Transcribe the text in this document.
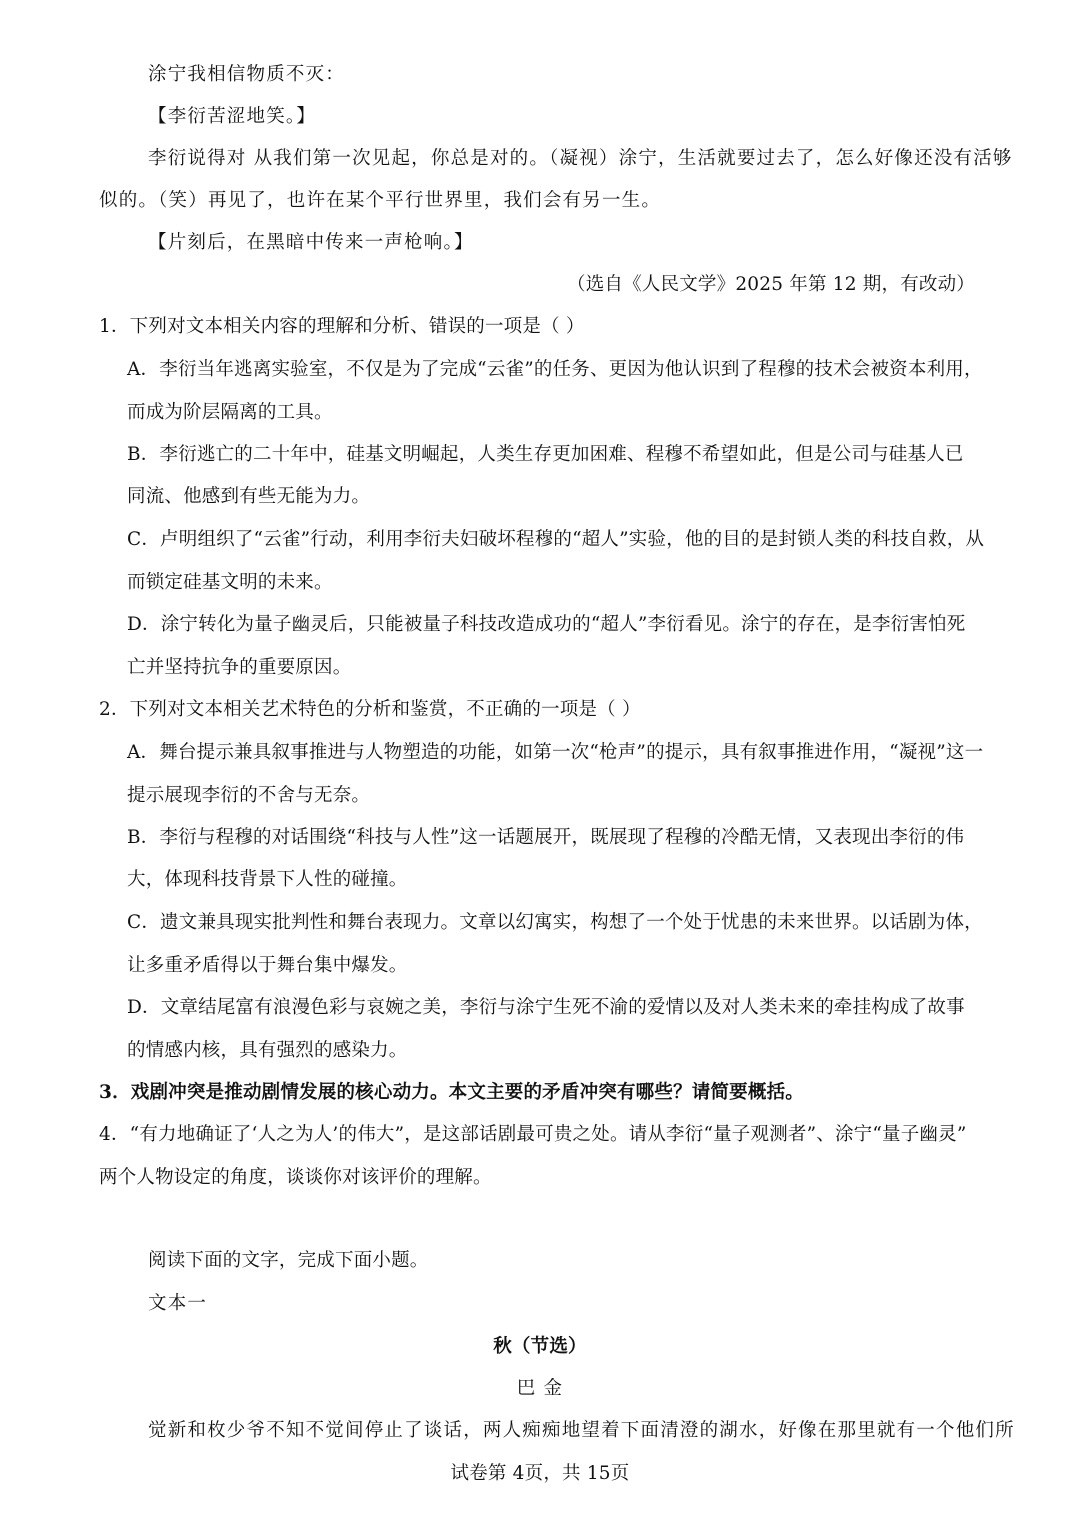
涂宁我相信物质不灭：
【李衍苦涩地笑。】
李衍说得对 从我们第一次见起，你总是对的。（凝视）涂宁，生活就要过去了，怎么好像还没有活够
似的。（笑）再见了，也许在某个平行世界里，我们会有另一生。
【片刻后，在黑暗中传来一声枪响。】
（选自《人民文学》2025 年第 12 期，有改动）
1．下列对文本相关内容的理解和分析、错误的一项是（ ）
A．李衍当年逃离实验室，不仅是为了完成“云雀”的任务、更因为他认识到了程穆的技术会被资本利用，
而成为阶层隔离的工具。
B．李衍逃亡的二十年中，硅基文明崛起，人类生存更加困难、程穆不希望如此，但是公司与硅基人已
同流、他感到有些无能为力。
C．卢明组织了“云雀”行动，利用李衍夫妇破坏程穆的“超人”实验，他的目的是封锁人类的科技自救，从
而锁定硅基文明的未来。
D．涂宁转化为量子幽灵后，只能被量子科技改造成功的“超人”李衍看见。涂宁的存在，是李衍害怕死
亡并坚持抗争的重要原因。
2．下列对文本相关艺术特色的分析和鉴赏，不正确的一项是（ ）
A．舞台提示兼具叙事推进与人物塑造的功能，如第一次“枪声”的提示，具有叙事推进作用，“凝视”这一
提示展现李衍的不舍与无奈。
B．李衍与程穆的对话围绕“科技与人性”这一话题展开，既展现了程穆的冷酷无情，又表现出李衍的伟
大，体现科技背景下人性的碰撞。
C．遗文兼具现实批判性和舞台表现力。文章以幻寓实，构想了一个处于忧患的未来世界。以话剧为体，
让多重矛盾得以于舞台集中爆发。
D．文章结尾富有浪漫色彩与哀婉之美，李衍与涂宁生死不渝的爱情以及对人类未来的牵挂构成了故事
的情感内核，具有强烈的感染力。
3．戏剧冲突是推动剧情发展的核心动力。本文主要的矛盾冲突有哪些？请简要概括。
4．“有力地确证了‘人之为人’的伟大”，是这部话剧最可贵之处。请从李衍“量子观测者”、涂宁“量子幽灵”
两个人物设定的角度，谈谈你对该评价的理解。
阅读下面的文字，完成下面小题。
文本一
秋（节选）
巴 金
觉新和枚少爷不知不觉间停止了谈话，两人痴痴地望着下面清澄的湖水，好像在那里就有一个他们所
试卷第 4页，共 15页
